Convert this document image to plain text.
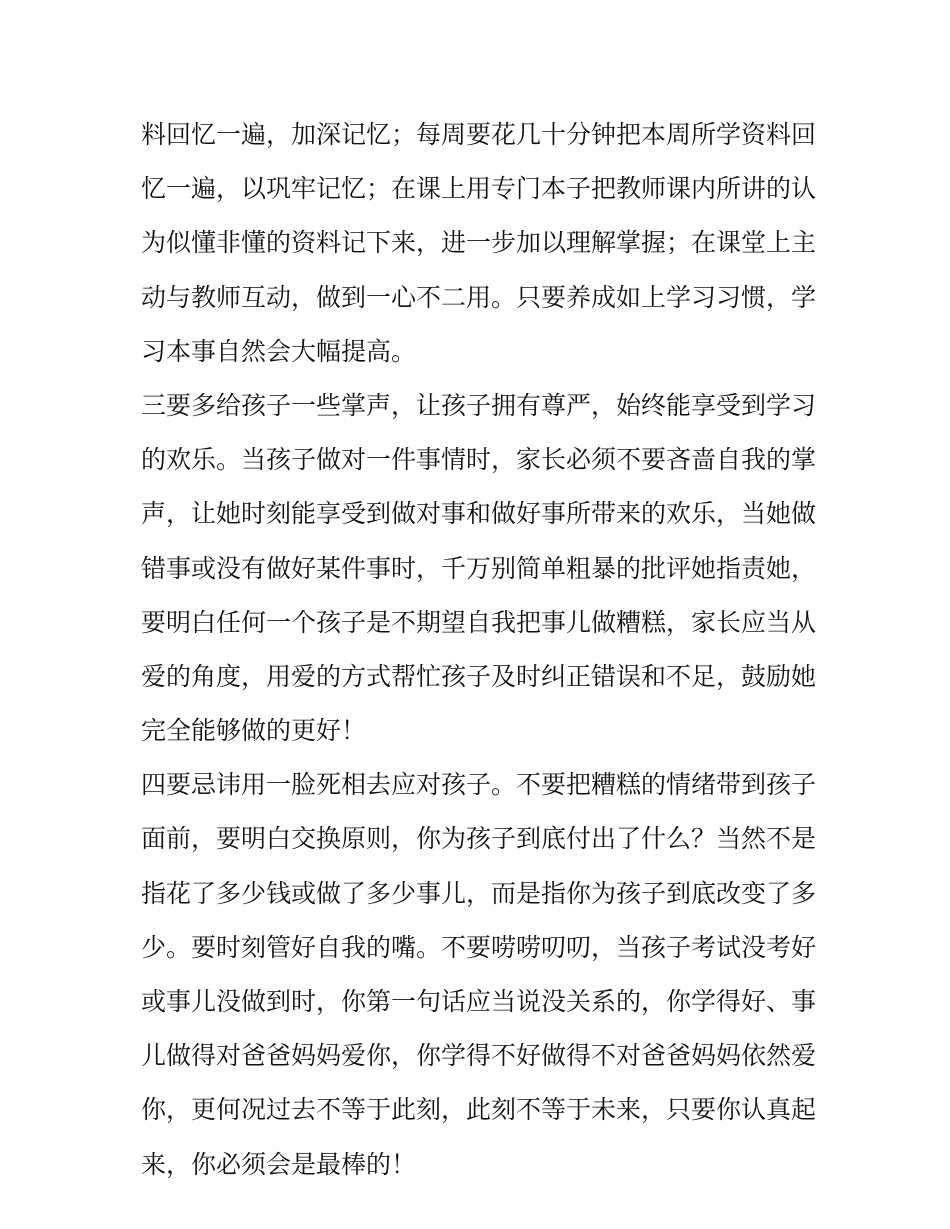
料回忆一遍，加深记忆；每周要花几十分钟把本周所学资料回
忆一遍，以巩牢记忆；在课上用专门本子把教师课内所讲的认
为似懂非懂的资料记下来，进一步加以理解掌握；在课堂上主
动与教师互动，做到一心不二用。只要养成如上学习习惯，学
习本事自然会大幅提高。
三要多给孩子一些掌声，让孩子拥有尊严，始终能享受到学习
的欢乐。当孩子做对一件事情时，家长必须不要吝啬自我的掌
声，让她时刻能享受到做对事和做好事所带来的欢乐，当她做
错事或没有做好某件事时，千万别简单粗暴的批评她指责她，
要明白任何一个孩子是不期望自我把事儿做糟糕，家长应当从
爱的角度，用爱的方式帮忙孩子及时纠正错误和不足，鼓励她
完全能够做的更好！
四要忌讳用一脸死相去应对孩子。不要把糟糕的情绪带到孩子
面前，要明白交换原则，你为孩子到底付出了什么？当然不是
指花了多少钱或做了多少事儿，而是指你为孩子到底改变了多
少。要时刻管好自我的嘴。不要唠唠叨叨，当孩子考试没考好
或事儿没做到时，你第一句话应当说没关系的，你学得好、事
儿做得对爸爸妈妈爱你，你学得不好做得不对爸爸妈妈依然爱
你，更何况过去不等于此刻，此刻不等于未来，只要你认真起
来，你必须会是最棒的！
